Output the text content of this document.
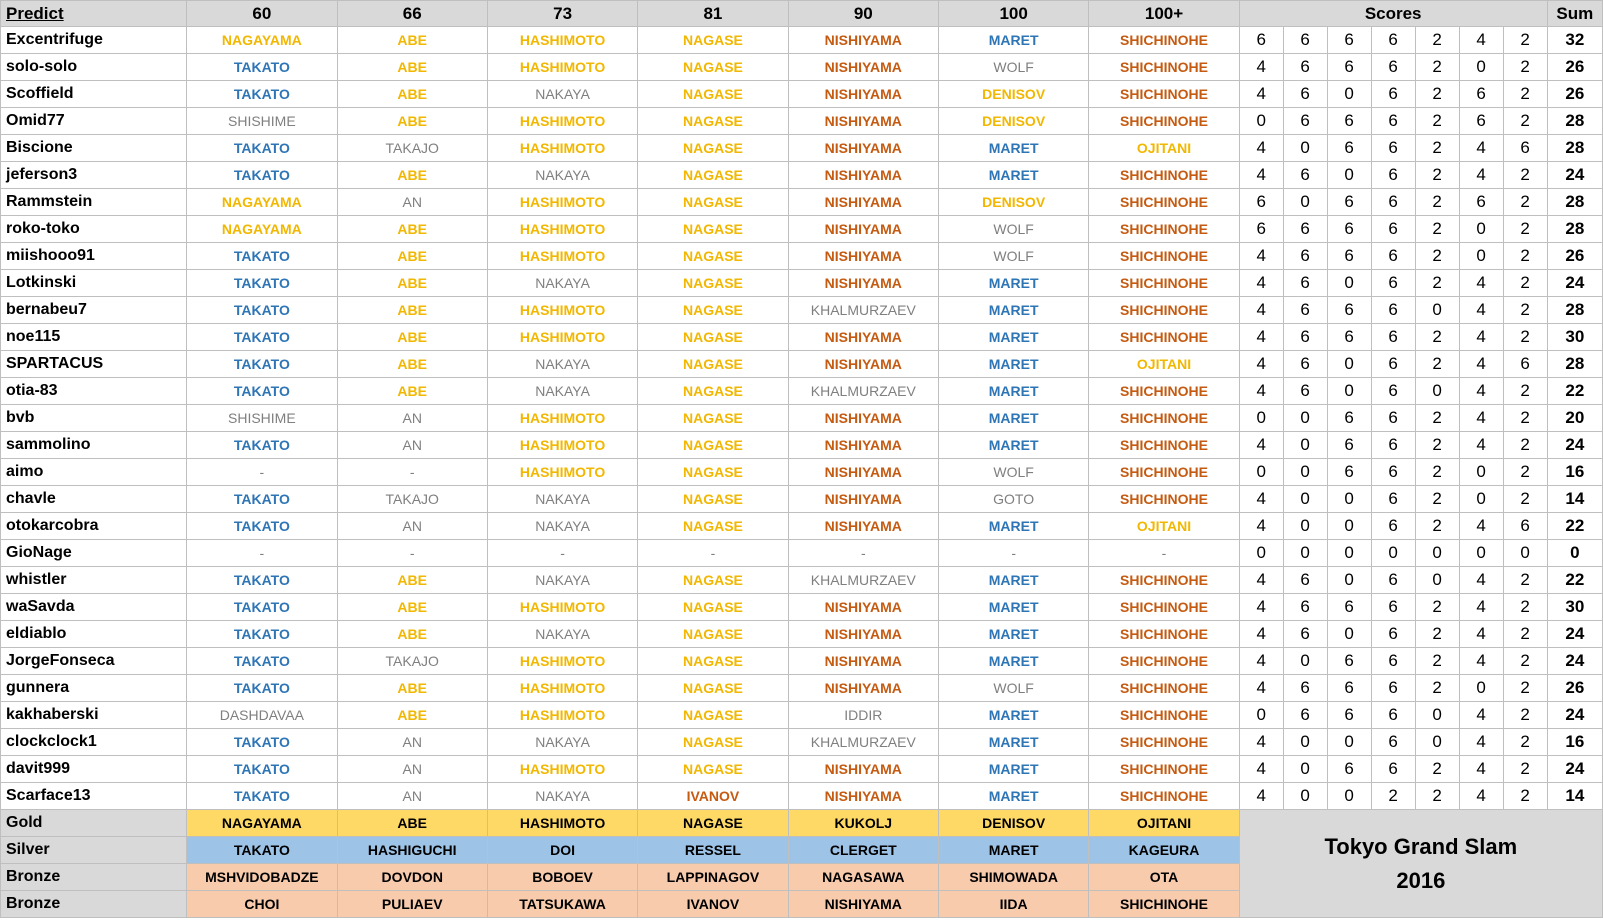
Predict	60	66	73	81	90	100	100+	Scores							Sum
Excentrifuge	NAGAYAMA	ABE	HASHIMOTO	NAGASE	NISHIYAMA	MARET	SHICHINOHE	6	6	6	6	2	4	2	32
solo-solo	TAKATO	ABE	HASHIMOTO	NAGASE	NISHIYAMA	WOLF	SHICHINOHE	4	6	6	6	2	0	2	26
Scoffield	TAKATO	ABE	NAKAYA	NAGASE	NISHIYAMA	DENISOV	SHICHINOHE	4	6	0	6	2	6	2	26
Omid77	SHISHIME	ABE	HASHIMOTO	NAGASE	NISHIYAMA	DENISOV	SHICHINOHE	0	6	6	6	2	6	2	28
Biscione	TAKATO	TAKAJO	HASHIMOTO	NAGASE	NISHIYAMA	MARET	OJITANI	4	0	6	6	2	4	6	28
jeferson3	TAKATO	ABE	NAKAYA	NAGASE	NISHIYAMA	MARET	SHICHINOHE	4	6	0	6	2	4	2	24
Rammstein	NAGAYAMA	AN	HASHIMOTO	NAGASE	NISHIYAMA	DENISOV	SHICHINOHE	6	0	6	6	2	6	2	28
roko-toko	NAGAYAMA	ABE	HASHIMOTO	NAGASE	NISHIYAMA	WOLF	SHICHINOHE	6	6	6	6	2	0	2	28
miishooo91	TAKATO	ABE	HASHIMOTO	NAGASE	NISHIYAMA	WOLF	SHICHINOHE	4	6	6	6	2	0	2	26
Lotkinski	TAKATO	ABE	NAKAYA	NAGASE	NISHIYAMA	MARET	SHICHINOHE	4	6	0	6	2	4	2	24
bernabeu7	TAKATO	ABE	HASHIMOTO	NAGASE	KHALMURZAEV	MARET	SHICHINOHE	4	6	6	6	0	4	2	28
noe115	TAKATO	ABE	HASHIMOTO	NAGASE	NISHIYAMA	MARET	SHICHINOHE	4	6	6	6	2	4	2	30
SPARTACUS	TAKATO	ABE	NAKAYA	NAGASE	NISHIYAMA	MARET	OJITANI	4	6	0	6	2	4	6	28
otia-83	TAKATO	ABE	NAKAYA	NAGASE	KHALMURZAEV	MARET	SHICHINOHE	4	6	0	6	0	4	2	22
bvb	SHISHIME	AN	HASHIMOTO	NAGASE	NISHIYAMA	MARET	SHICHINOHE	0	0	6	6	2	4	2	20
sammolino	TAKATO	AN	HASHIMOTO	NAGASE	NISHIYAMA	MARET	SHICHINOHE	4	0	6	6	2	4	2	24
aimo	-	-	HASHIMOTO	NAGASE	NISHIYAMA	WOLF	SHICHINOHE	0	0	6	6	2	0	2	16
chavle	TAKATO	TAKAJO	NAKAYA	NAGASE	NISHIYAMA	GOTO	SHICHINOHE	4	0	0	6	2	0	2	14
otokarcobra	TAKATO	AN	NAKAYA	NAGASE	NISHIYAMA	MARET	OJITANI	4	0	0	6	2	4	6	22
GioNage	-	-	-	-	-	-	-	0	0	0	0	0	0	0	0
whistler	TAKATO	ABE	NAKAYA	NAGASE	KHALMURZAEV	MARET	SHICHINOHE	4	6	0	6	0	4	2	22
waSavda	TAKATO	ABE	HASHIMOTO	NAGASE	NISHIYAMA	MARET	SHICHINOHE	4	6	6	6	2	4	2	30
eldiablo	TAKATO	ABE	NAKAYA	NAGASE	NISHIYAMA	MARET	SHICHINOHE	4	6	0	6	2	4	2	24
JorgeFonseca	TAKATO	TAKAJO	HASHIMOTO	NAGASE	NISHIYAMA	MARET	SHICHINOHE	4	0	6	6	2	4	2	24
gunnera	TAKATO	ABE	HASHIMOTO	NAGASE	NISHIYAMA	WOLF	SHICHINOHE	4	6	6	6	2	0	2	26
kakhaberski	DASHDAVAA	ABE	HASHIMOTO	NAGASE	IDDIR	MARET	SHICHINOHE	0	6	6	6	0	4	2	24
clockclock1	TAKATO	AN	NAKAYA	NAGASE	KHALMURZAEV	MARET	SHICHINOHE	4	0	0	6	0	4	2	16
davit999	TAKATO	AN	HASHIMOTO	NAGASE	NISHIYAMA	MARET	SHICHINOHE	4	0	6	6	2	4	2	24
Scarface13	TAKATO	AN	NAKAYA	IVANOV	NISHIYAMA	MARET	SHICHINOHE	4	0	0	2	2	4	2	14
Gold	NAGAYAMA	ABE	HASHIMOTO	NAGASE	KUKOLJ	DENISOV	OJITANI	Tokyo Grand Slam
2016							

Silver	TAKATO	HASHIGUCHI	DOI	RESSEL	CLERGET	MARET	KAGEURA								
Bronze	MSHVIDOBADZE	DOVDON	BOBOEV	LAPPINAGOV	NAGASAWA	SHIMOWADA	OTA								
Bronze	CHOI	PULIAEV	TATSUKAWA	IVANOV	NISHIYAMA	IIDA	SHICHINOHE								
